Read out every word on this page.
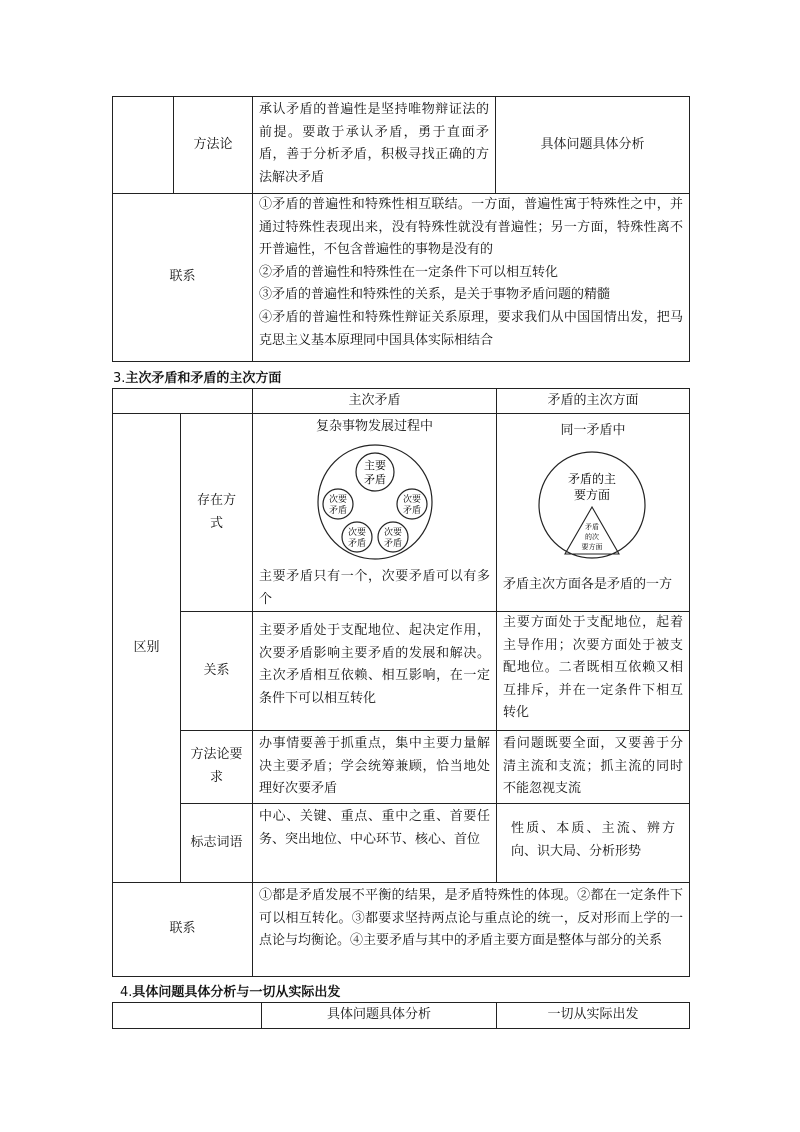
方法论
承认矛盾的普遍性是坚持唯物辩证法的前提。要敢于承认矛盾，勇于直面矛盾，善于分析矛盾，积极寻找正确的方法解决矛盾
具体问题具体分析
联系
①矛盾的普遍性和特殊性相互联结。一方面，普遍性寓于特殊性之中，并通过特殊性表现出来，没有特殊性就没有普遍性；另一方面，特殊性离不开普遍性，不包含普遍性的事物是没有的
②矛盾的普遍性和特殊性在一定条件下可以相互转化
③矛盾的普遍性和特殊性的关系，是关于事物矛盾问题的精髓
④矛盾的普遍性和特殊性辩证关系原理，要求我们从中国国情出发，把马克思主义基本原理同中国具体实际相结合
3.主次矛盾和矛盾的主次方面
主次矛盾	矛盾的主次方面
区别
存在方式
复杂事物发展过程中
主要
矛盾
次要
矛盾
次要
矛盾
次要
矛盾
次要
矛盾
主要矛盾只有一个，次要矛盾可以有多个
同一矛盾中
矛盾的主
要方面
矛盾
的次
要方面
矛盾主次方面各是矛盾的一方
关系
主要矛盾处于支配地位、起决定作用，次要矛盾影响主要矛盾的发展和解决。主次矛盾相互依赖、相互影响，在一定条件下可以相互转化
主要方面处于支配地位，起着主导作用；次要方面处于被支配地位。二者既相互依赖又相互排斥，并在一定条件下相互转化
方法论要求
办事情要善于抓重点，集中主要力量解决主要矛盾；学会统筹兼顾，恰当地处理好次要矛盾
看问题既要全面，又要善于分清主流和支流；抓主流的同时不能忽视支流
标志词语
中心、关键、重点、重中之重、首要任务、突出地位、中心环节、核心、首位
性质、本质、主流、辨方向、识大局、分析形势
联系
①都是矛盾发展不平衡的结果，是矛盾特殊性的体现。②都在一定条件下可以相互转化。③都要求坚持两点论与重点论的统一，反对形而上学的一点论与均衡论。④主要矛盾与其中的矛盾主要方面是整体与部分的关系
4.具体问题具体分析与一切从实际出发
具体问题具体分析	一切从实际出发
